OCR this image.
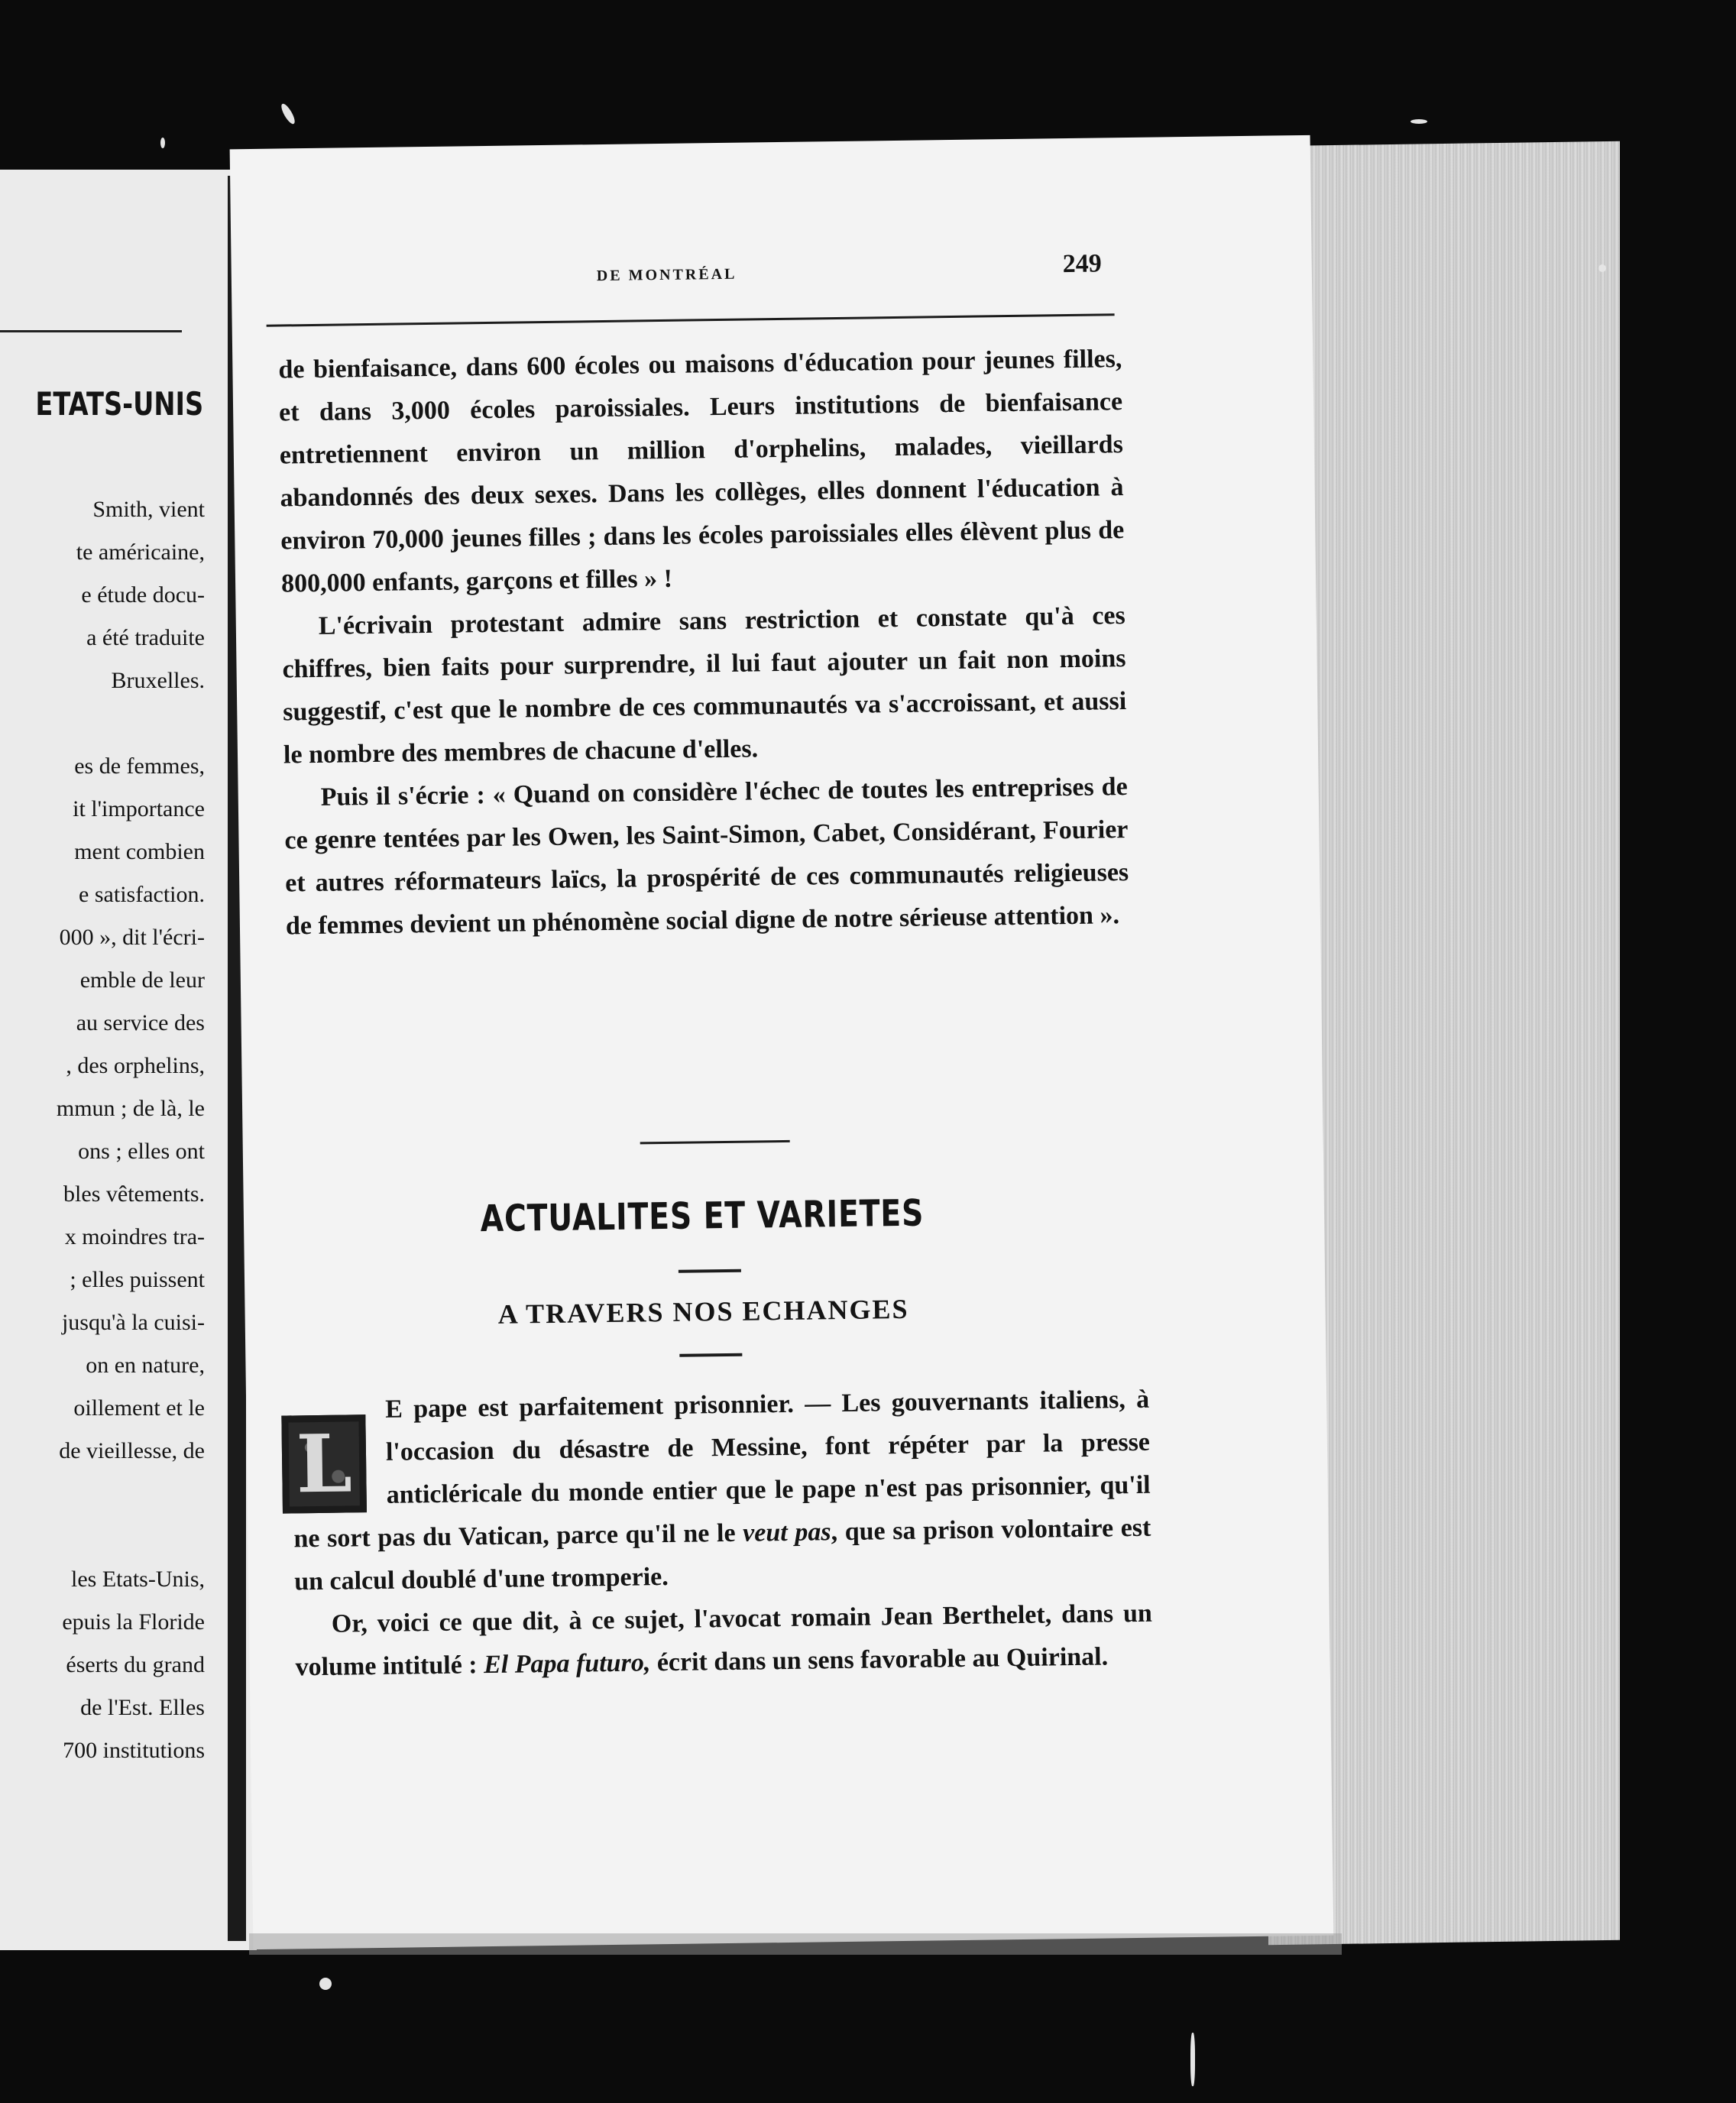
ETATS-UNIS
Smith, vient
te américaine,
e étude docu-
a été traduite
Bruxelles.
es de femmes,
it l'importance
ment combien
e satisfaction.
000 », dit l'écri-
emble de leur
au service des
, des orphelins,
mmun ; de là, le
ons ; elles ont
bles vêtements.
x moindres tra-
; elles puissent
jusqu'à la cuisi-
on en nature,
oillement et le
de vieillesse, de
les Etats-Unis,
epuis la Floride
éserts du grand
de l'Est. Elles
700 institutions
DE MONTRÉAL	249

de bienfaisance, dans 600 écoles ou maisons d'éducation pour jeunes filles, et dans 3,000 écoles paroissiales. Leurs institutions de bienfaisance entretiennent environ un million d'orphelins, malades, vieillards abandonnés des deux sexes. Dans les collèges, elles donnent l'éducation à environ 70,000 jeunes filles ; dans les écoles paroissiales elles élèvent plus de 800,000 enfants, garçons et filles » !

L'écrivain protestant admire sans restriction et constate qu'à ces chiffres, bien faits pour surprendre, il lui faut ajouter un fait non moins suggestif, c'est que le nombre de ces communautés va s'accroissant, et aussi le nombre des membres de chacune d'elles.

Puis il s'écrie : « Quand on considère l'échec de toutes les entreprises de ce genre tentées par les Owen, les Saint-Simon, Cabet, Considérant, Fourier et autres réformateurs laïcs, la prospérité de ces communautés religieuses de femmes devient un phénomène social digne de notre sérieuse attention ».

ACTUALITES ET VARIETES
A TRAVERS NOS ECHANGES

E pape est parfaitement prisonnier. — Les gouvernants italiens, à l'occasion du désastre de Messine, font répéter par la presse anticléricale du monde entier que le pape n'est pas prisonnier, qu'il ne sort pas du Vatican, parce qu'il ne le veut pas, que sa prison volontaire est un calcul doublé d'une tromperie.

Or, voici ce que dit, à ce sujet, l'avocat romain Jean Berthelet, dans un volume intitulé : El Papa futuro, écrit dans un sens favorable au Quirinal.

L
